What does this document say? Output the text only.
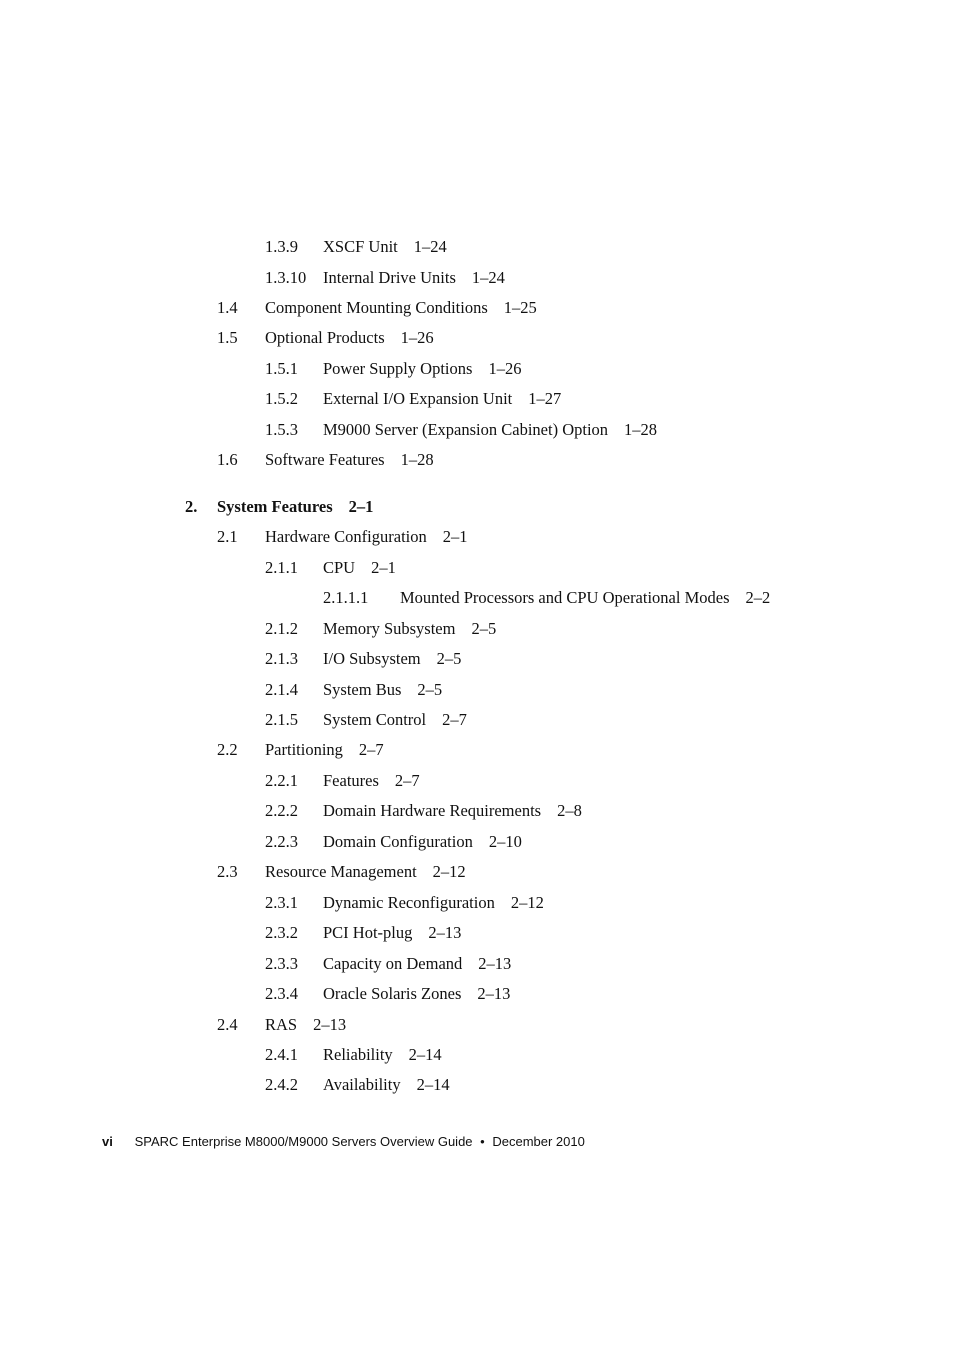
1.3.9 XSCF Unit 1–24
1.3.10 Internal Drive Units 1–24
1.4 Component Mounting Conditions 1–25
1.5 Optional Products 1–26
1.5.1 Power Supply Options 1–26
1.5.2 External I/O Expansion Unit 1–27
1.5.3 M9000 Server (Expansion Cabinet) Option 1–28
1.6 Software Features 1–28
2. System Features 2–1
2.1 Hardware Configuration 2–1
2.1.1 CPU 2–1
2.1.1.1 Mounted Processors and CPU Operational Modes 2–2
2.1.2 Memory Subsystem 2–5
2.1.3 I/O Subsystem 2–5
2.1.4 System Bus 2–5
2.1.5 System Control 2–7
2.2 Partitioning 2–7
2.2.1 Features 2–7
2.2.2 Domain Hardware Requirements 2–8
2.2.3 Domain Configuration 2–10
2.3 Resource Management 2–12
2.3.1 Dynamic Reconfiguration 2–12
2.3.2 PCI Hot-plug 2–13
2.3.3 Capacity on Demand 2–13
2.3.4 Oracle Solaris Zones 2–13
2.4 RAS 2–13
2.4.1 Reliability 2–14
2.4.2 Availability 2–14
vi SPARC Enterprise M8000/M9000 Servers Overview Guide • December 2010
